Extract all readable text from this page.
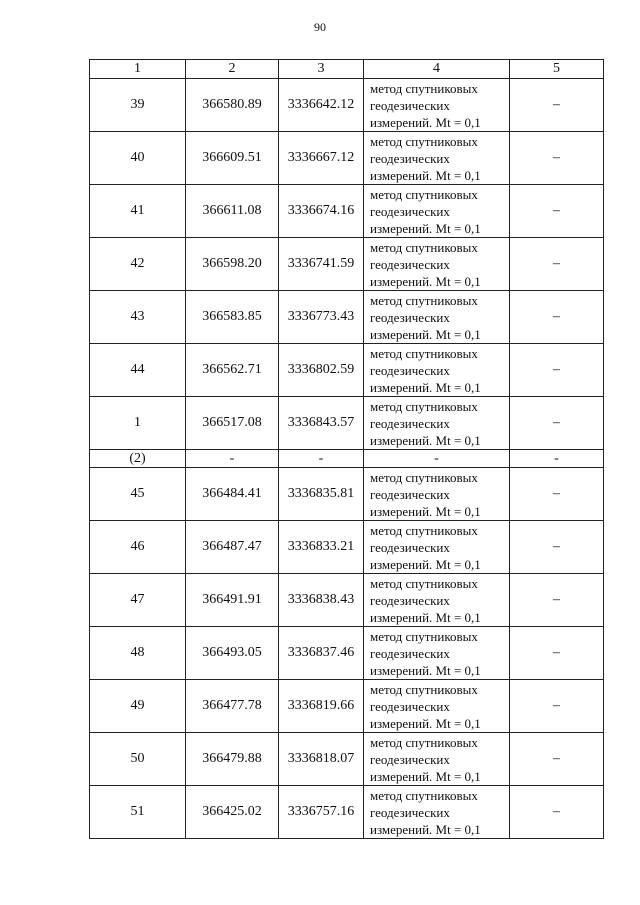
90
1	2	3	4	5
39	366580.89	3336642.12	метод спутниковых
геодезических
измерений. Mt = 0,1	–
40	366609.51	3336667.12	метод спутниковых
геодезических
измерений. Mt = 0,1	–
41	366611.08	3336674.16	метод спутниковых
геодезических
измерений. Mt = 0,1	–
42	366598.20	3336741.59	метод спутниковых
геодезических
измерений. Mt = 0,1	–
43	366583.85	3336773.43	метод спутниковых
геодезических
измерений. Mt = 0,1	–
44	366562.71	3336802.59	метод спутниковых
геодезических
измерений. Mt = 0,1	–
1	366517.08	3336843.57	метод спутниковых
геодезических
измерений. Mt = 0,1	–
(2)	-	-	-	-
45	366484.41	3336835.81	метод спутниковых
геодезических
измерений. Mt = 0,1	–
46	366487.47	3336833.21	метод спутниковых
геодезических
измерений. Mt = 0,1	–
47	366491.91	3336838.43	метод спутниковых
геодезических
измерений. Mt = 0,1	–
48	366493.05	3336837.46	метод спутниковых
геодезических
измерений. Mt = 0,1	–
49	366477.78	3336819.66	метод спутниковых
геодезических
измерений. Mt = 0,1	–
50	366479.88	3336818.07	метод спутниковых
геодезических
измерений. Mt = 0,1	–
51	366425.02	3336757.16	метод спутниковых
геодезических
измерений. Mt = 0,1	–
